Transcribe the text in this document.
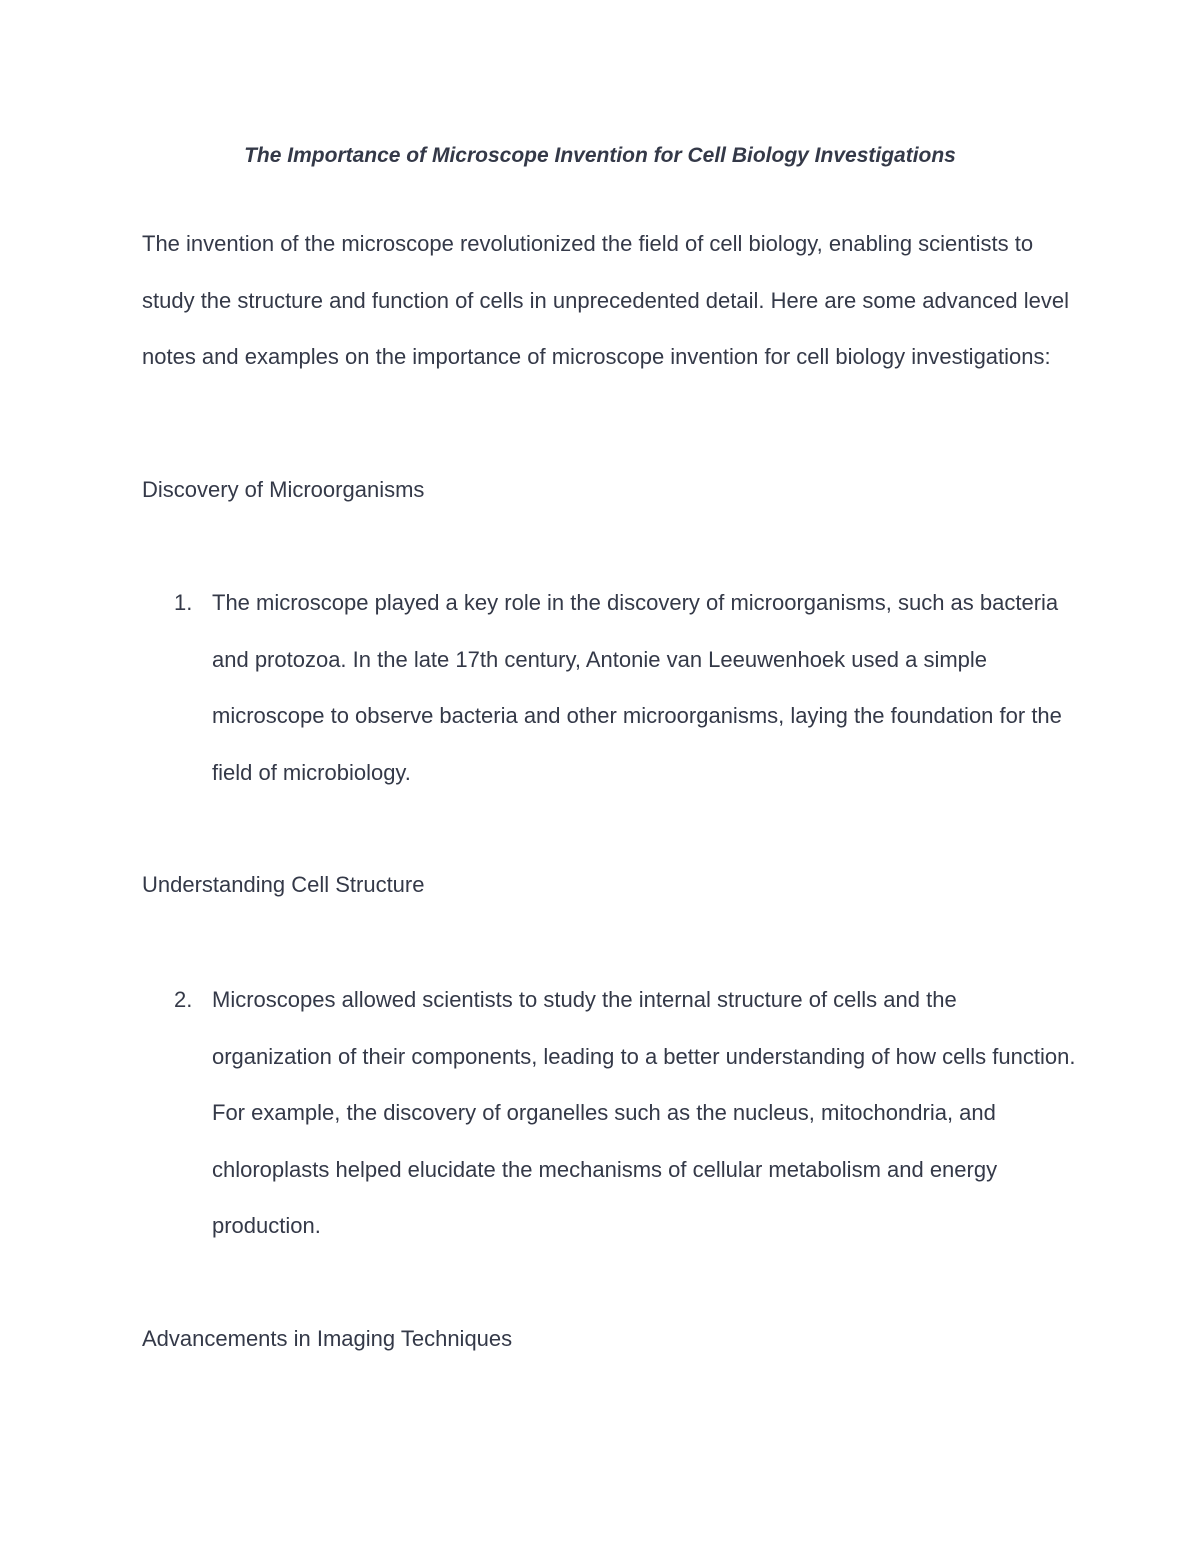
The Importance of Microscope Invention for Cell Biology Investigations

The invention of the microscope revolutionized the field of cell biology, enabling scientists to study the structure and function of cells in unprecedented detail. Here are some advanced level notes and examples on the importance of microscope invention for cell biology investigations:

Discovery of Microorganisms

1. The microscope played a key role in the discovery of microorganisms, such as bacteria and protozoa. In the late 17th century, Antonie van Leeuwenhoek used a simple microscope to observe bacteria and other microorganisms, laying the foundation for the field of microbiology.

Understanding Cell Structure

2. Microscopes allowed scientists to study the internal structure of cells and the organization of their components, leading to a better understanding of how cells function. For example, the discovery of organelles such as the nucleus, mitochondria, and chloroplasts helped elucidate the mechanisms of cellular metabolism and energy production.

Advancements in Imaging Techniques
